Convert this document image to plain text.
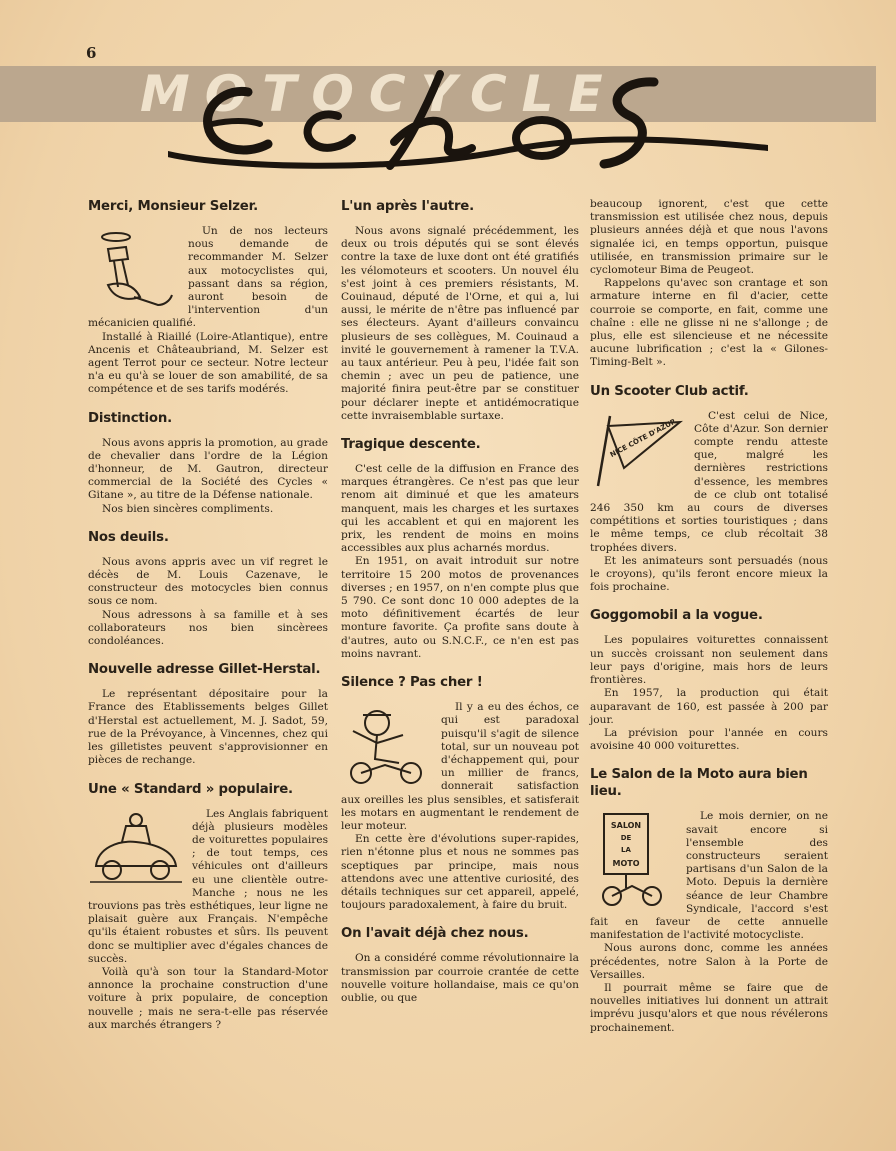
6
MOTOCYCLE
Merci, Monsieur Selzer.

Un de nos lecteurs nous demande de recommander M. Selzer aux motocyclistes qui, passant dans sa région, auront besoin de l'intervention d'un mécanicien qualifié.

Installé à Riaillé (Loire-Atlantique), entre Ancenis et Châteaubriand, M. Selzer est agent Terrot pour ce secteur. Notre lecteur n'a eu qu'à se louer de son amabilité, de sa compétence et de ses tarifs modérés.

Distinction.

Nous avons appris la promotion, au grade de chevalier dans l'ordre de la Légion d'honneur, de M. Gautron, directeur commercial de la Société des Cycles « Gitane », au titre de la Défense nationale.

Nos bien sincères compliments.

Nos deuils.

Nous avons appris avec un vif regret le décès de M. Louis Cazenave, le constructeur des motocycles bien connus sous ce nom.

Nous adressons à sa famille et à ses collaborateurs nos bien sincèrees condoléances.

Nouvelle adresse Gillet-Herstal.

Le représentant dépositaire pour la France des Etablissements belges Gillet d'Herstal est actuellement, M. J. Sadot, 59, rue de la Prévoyance, à Vincennes, chez qui les gilletistes peuvent s'approvisionner en pièces de rechange.

Une « Standard » populaire.

Les Anglais fabriquent déjà plusieurs modèles de voiturettes populaires ; de tout temps, ces véhicules ont d'ailleurs eu une clientèle outre-Manche ; nous ne les trouvions pas très esthétiques, leur ligne ne plaisait guère aux Français. N'empêche qu'ils étaient robustes et sûrs. Ils peuvent donc se multiplier avec d'égales chances de succès.

Voilà qu'à son tour la Standard-Motor annonce la prochaine construction d'une voiture à prix populaire, de conception nouvelle ; mais ne sera-t-elle pas réservée aux marchés étrangers ?

L'un après l'autre.

Nous avons signalé précédemment, les deux ou trois députés qui se sont élevés contre la taxe de luxe dont ont été gratifiés les vélomoteurs et scooters. Un nouvel élu s'est joint à ces premiers résistants, M. Couinaud, député de l'Orne, et qui a, lui aussi, le mérite de n'être pas influencé par ses électeurs. Ayant d'ailleurs convaincu plusieurs de ses collègues, M. Couinaud a invité le gouvernement à ramener la T.V.A. au taux antérieur. Peu à peu, l'idée fait son chemin ; avec un peu de patience, une majorité finira peut-être par se constituer pour déclarer inepte et antidémocratique cette invraisemblable surtaxe.

Tragique descente.

C'est celle de la diffusion en France des marques étrangères. Ce n'est pas que leur renom ait diminué et que les amateurs manquent, mais les charges et les surtaxes qui les accablent et qui en majorent les prix, les rendent de moins en moins accessibles aux plus acharnés mordus.

En 1951, on avait introduit sur notre territoire 15 200 motos de provenances diverses ; en 1957, on n'en compte plus que 5 790. Ce sont donc 10 000 adeptes de la moto définitivement écartés de leur monture favorite. Ça profite sans doute à d'autres, auto ou S.N.C.F., ce n'en est pas moins navrant.

Silence ? Pas cher !

Il y a eu des échos, ce qui est paradoxal puisqu'il s'agit de silence total, sur un nouveau pot d'échappement qui, pour un millier de francs, donnerait satisfaction aux oreilles les plus sensibles, et satisferait les motars en augmentant le rendement de leur moteur.

En cette ère d'évolutions super-rapides, rien n'étonne plus et nous ne sommes pas sceptiques par principe, mais nous attendons avec une attentive curiosité, des détails techniques sur cet appareil, appelé, toujours paradoxalement, à faire du bruit.

On l'avait déjà chez nous.

On a considéré comme révolutionnaire la transmission par courroie crantée de cette nouvelle voiture hollandaise, mais ce qu'on oublie, ou que

beaucoup ignorent, c'est que cette transmission est utilisée chez nous, depuis plusieurs années déjà et que nous l'avons signalée ici, en temps opportun, puisque utilisée, en transmission primaire sur le cyclomoteur Bima de Peugeot.

Rappelons qu'avec son crantage et son armature interne en fil d'acier, cette courroie se comporte, en fait, comme une chaîne : elle ne glisse ni ne s'allonge ; de plus, elle est silencieuse et ne nécessite aucune lubrification ; c'est la « Gilones-Timing-Belt ».

Un Scooter Club actif.
NICE CÔTE D'AZUR

C'est celui de Nice, Côte d'Azur. Son dernier compte rendu atteste que, malgré les dernières restrictions d'essence, les membres de ce club ont totalisé 246 350 km au cours de diverses compétitions et sorties touristiques ; dans le même temps, ce club récoltait 38 trophées divers.

Et les animateurs sont persuadés (nous le croyons), qu'ils feront encore mieux la fois prochaine.

Goggomobil a la vogue.

Les populaires voiturettes connaissent un succès croissant non seulement dans leur pays d'origine, mais hors de leurs frontières.

En 1957, la production qui était auparavant de 160, est passée à 200 par jour.

La prévision pour l'année en cours avoisine 40 000 voiturettes.

Le Salon de la Moto aura bien lieu.
SALON
DE
LA
MOTO

Le mois dernier, on ne savait encore si l'ensemble des constructeurs seraient partisans d'un Salon de la Moto. Depuis la dernière séance de leur Chambre Syndicale, l'accord s'est fait en faveur de cette annuelle manifestation de l'activité motocycliste.

Nous aurons donc, comme les années précédentes, notre Salon à la Porte de Versailles.

Il pourrait même se faire que de nouvelles initiatives lui donnent un attrait imprévu jusqu'alors et que nous révélerons prochainement.
